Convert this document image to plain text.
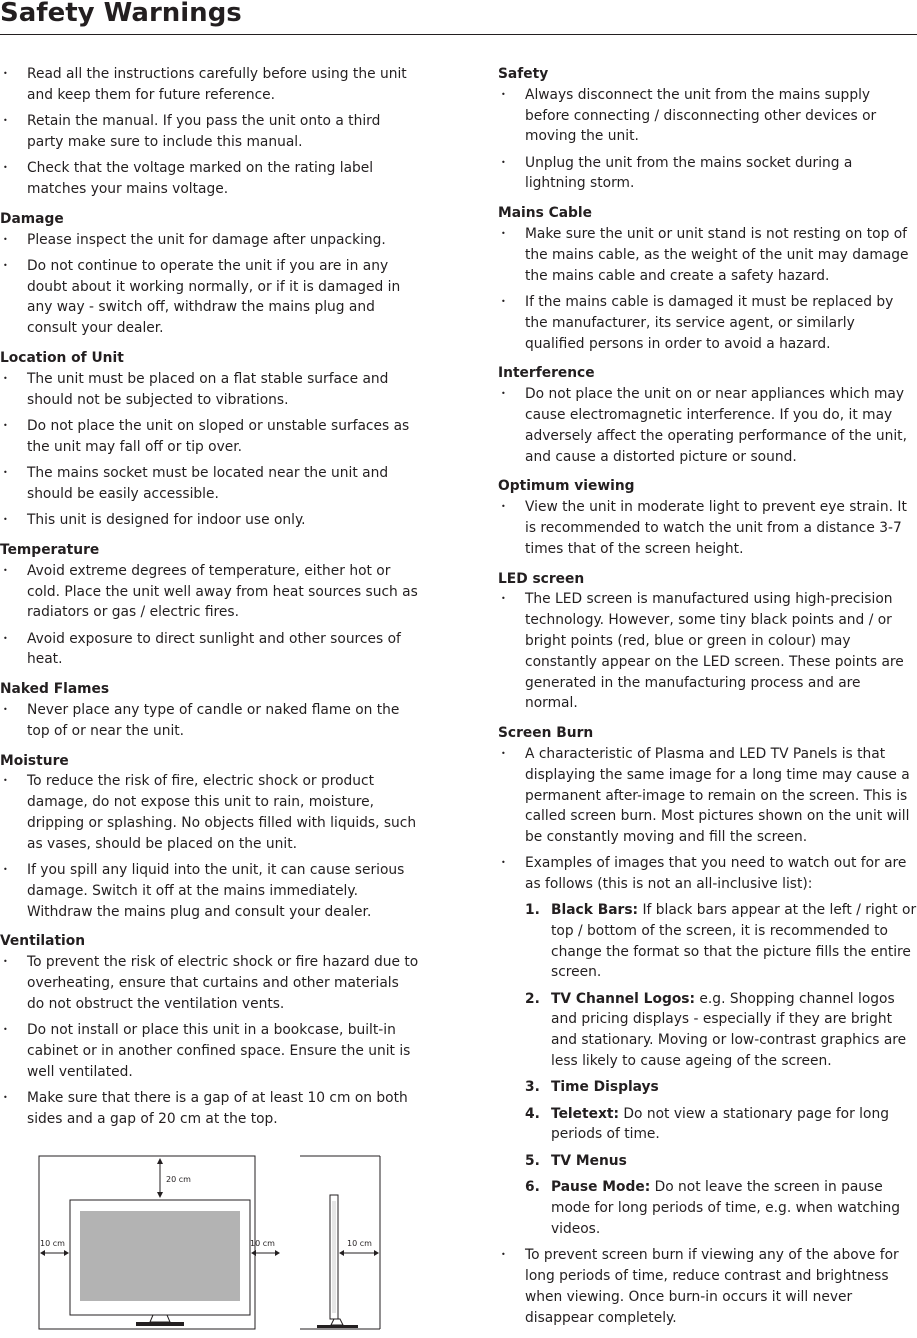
Safety Warnings

• Read all the instructions carefully before using the unit and keep them for future reference.

• Retain the manual. If you pass the unit onto a third party make sure to include this manual.

• Check that the voltage marked on the rating label matches your mains voltage.

Damage

• Please inspect the unit for damage after unpacking.

• Do not continue to operate the unit if you are in any doubt about it working normally, or if it is damaged in any way - switch off, withdraw the mains plug and consult your dealer.

Location of Unit

• The unit must be placed on a flat stable surface and should not be subjected to vibrations.

• Do not place the unit on sloped or unstable surfaces as the unit may fall off or tip over.

• The mains socket must be located near the unit and should be easily accessible.

• This unit is designed for indoor use only.

Temperature

• Avoid extreme degrees of temperature, either hot or cold. Place the unit well away from heat sources such as radiators or gas / electric fires.

• Avoid exposure to direct sunlight and other sources of heat.

Naked Flames

• Never place any type of candle or naked flame on the top of or near the unit.

Moisture

• To reduce the risk of fire, electric shock or product damage, do not expose this unit to rain, moisture, dripping or splashing. No objects filled with liquids, such as vases, should be placed on the unit.

• If you spill any liquid into the unit, it can cause serious damage. Switch it off at the mains immediately. Withdraw the mains plug and consult your dealer.

Ventilation

• To prevent the risk of electric shock or fire hazard due to overheating, ensure that curtains and other materials do not obstruct the ventilation vents.

• Do not install or place this unit in a bookcase, built-in cabinet or in another confined space. Ensure the unit is well ventilated.

• Make sure that there is a gap of at least 10 cm on both sides and a gap of 20 cm at the top.

20 cm
10 cm	10 cm	10 cm
Safety

• Always disconnect the unit from the mains supply before connecting / disconnecting other devices or moving the unit.

• Unplug the unit from the mains socket during a lightning storm.

Mains Cable

• Make sure the unit or unit stand is not resting on top of the mains cable, as the weight of the unit may damage the mains cable and create a safety hazard.

• If the mains cable is damaged it must be replaced by the manufacturer, its service agent, or similarly qualified persons in order to avoid a hazard.

Interference

• Do not place the unit on or near appliances which may cause electromagnetic interference. If you do, it may adversely affect the operating performance of the unit, and cause a distorted picture or sound.

Optimum viewing

• View the unit in moderate light to prevent eye strain. It is recommended to watch the unit from a distance 3-7 times that of the screen height.

LED screen

• The LED screen is manufactured using high-precision technology. However, some tiny black points and / or bright points (red, blue or green in colour) may constantly appear on the LED screen. These points are generated in the manufacturing process and are normal.

Screen Burn

• A characteristic of Plasma and LED TV Panels is that displaying the same image for a long time may cause a permanent after-image to remain on the screen. This is called screen burn. Most pictures shown on the unit will be constantly moving and fill the screen.

• Examples of images that you need to watch out for are as follows (this is not an all-inclusive list):

1. Black Bars: If black bars appear at the left / right or top / bottom of the screen, it is recommended to change the format so that the picture fills the entire screen.

2. TV Channel Logos: e.g. Shopping channel logos and pricing displays - especially if they are bright and stationary. Moving or low-contrast graphics are less likely to cause ageing of the screen.

3. Time Displays

4. Teletext: Do not view a stationary page for long periods of time.

5. TV Menus

6. Pause Mode: Do not leave the screen in pause mode for long periods of time, e.g. when watching videos.

• To prevent screen burn if viewing any of the above for long periods of time, reduce contrast and brightness when viewing. Once burn-in occurs it will never disappear completely.
